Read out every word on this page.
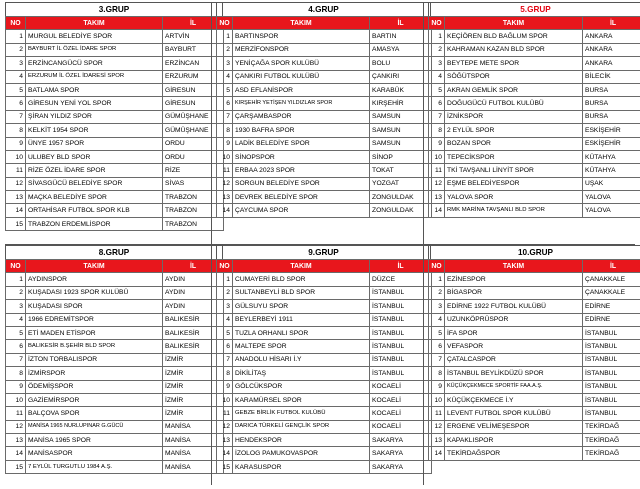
3.GRUP
NO	TAKIM	İL
1	MURGUL BELEDİYE SPOR	ARTVİN
2	BAYBURT İL ÖZEL İDARE SPOR	BAYBURT
3	ERZİNCANGÜCÜ SPOR	ERZİNCAN
4	ERZURUM İL ÖZEL İDARESİ SPOR	ERZURUM
5	BATLAMA SPOR	GİRESUN
6	GİRESUN YENİ YOL SPOR	GİRESUN
7	ŞİRAN YILDIZ SPOR	GÜMÜŞHANE
8	KELKİT 1954 SPOR	GÜMÜŞHANE
9	ÜNYE 1957 SPOR	ORDU
10	ULUBEY BLD SPOR	ORDU
11	RİZE ÖZEL İDARE SPOR	RİZE
12	SİVASGÜCÜ BELEDİYE SPOR	SİVAS
13	MAÇKA BELEDİYE SPOR	TRABZON
14	ORTAHİSAR FUTBOL SPOR KLB	TRABZON
15	TRABZON ERDEMLİSPOR	TRABZON
4.GRUP
NO	TAKIM	İL
1	BARTINSPOR	BARTIN
2	MERZİFONSPOR	AMASYA
3	YENİÇAĞA SPOR KULÜBÜ	BOLU
4	ÇANKIRI FUTBOL KULÜBÜ	ÇANKIRI
5	ASD EFLANİSPOR	KARABÜK
6	KIRŞEHİR YETİŞEN YILDIZLAR SPOR	KIRŞEHİR
7	ÇARŞAMBASPOR	SAMSUN
8	1930 BAFRA SPOR	SAMSUN
9	LADİK BELEDİYE SPOR	SAMSUN
10	SİNOPSPOR	SİNOP
11	ERBAA 2023 SPOR	TOKAT
12	SORGUN BELEDİYE SPOR	YOZGAT
13	DEVREK BELEDİYE SPOR	ZONGULDAK
14	ÇAYCUMA SPOR	ZONGULDAK
5.GRUP
NO	TAKIM	İL
1	KEÇİÖREN BLD BAĞLUM SPOR	ANKARA
2	KAHRAMAN KAZAN BLD SPOR	ANKARA
3	BEYTEPE METE SPOR	ANKARA
4	SÖĞÜTSPOR	BİLECİK
5	AKRAN GEMLİK SPOR	BURSA
6	DOĞUGÜCÜ FUTBOL KULÜBÜ	BURSA
7	İZNİKSPOR	BURSA
8	2 EYLÜL SPOR	ESKİŞEHİR
9	BOZAN SPOR	ESKİŞEHİR
10	TEPECİKSPOR	KÜTAHYA
11	TKİ TAVŞANLI LİNYİT SPOR	KÜTAHYA
12	EŞME BELEDİYESPOR	UŞAK
13	YALOVA SPOR	YALOVA
14	RMK MARİNA TAVŞANLI BLD SPOR	YALOVA
8.GRUP
NO	TAKIM	İL
1	AYDINSPOR	AYDIN
2	KUŞADASI 1923 SPOR KULÜBÜ	AYDIN
3	KUŞADASI SPOR	AYDIN
4	1966 EDREMİTSPOR	BALIKESİR
5	ETİ MADEN ETİSPOR	BALIKESİR
6	BALIKESİR B.ŞEHİR BLD SPOR	BALIKESİR
7	İZTON TORBALISPOR	İZMİR
8	İZMİRSPOR	İZMİR
9	ÖDEMİŞSPOR	İZMİR
10	GAZİEMİRSPOR	İZMİR
11	BALÇOVA SPOR	İZMİR
12	MANİSA 1965 NURLUPINAR G.GÜCÜ	MANİSA
13	MANİSA 1965 SPOR	MANİSA
14	MANİSASPOR	MANİSA
15	7 EYLÜL TURGUTLU 1984 A.Ş.	MANİSA
9.GRUP
NO	TAKIM	İL
1	CUMAYERİ BLD SPOR	DÜZCE
2	SULTANBEYLİ BLD SPOR	İSTANBUL
3	GÜLSUYU SPOR	İSTANBUL
4	BEYLERBEYİ 1911	İSTANBUL
5	TUZLA ORHANLI SPOR	İSTANBUL
6	MALTEPE SPOR	İSTANBUL
7	ANADOLU HİSARI İ.Y	İSTANBUL
8	DİKİLİTAŞ	İSTANBUL
9	GÖLCÜKSPOR	KOCAELİ
10	KARAMÜRSEL SPOR	KOCAELİ
11	GEBZE BİRLİK FUTBOL KULÜBÜ	KOCAELİ
12	DARICA TÜRKELİ GENÇLİK SPOR	KOCAELİ
13	HENDEKSPOR	SAKARYA
14	İZOLOG PAMUKOVASPOR	SAKARYA
15	KARASUSPOR	SAKARYA
10.GRUP
NO	TAKIM	İL
1	EZİNESPOR	ÇANAKKALE
2	BİGASPOR	ÇANAKKALE
3	EDİRNE 1922 FUTBOL KULÜBÜ	EDİRNE
4	UZUNKÖPRÜSPOR	EDİRNE
5	İFA SPOR	İSTANBUL
6	VEFASPOR	İSTANBUL
7	ÇATALCASPOR	İSTANBUL
8	İSTANBUL BEYLİKDÜZÜ SPOR	İSTANBUL
9	KÜÇÜKÇEKMECE SPORTİF FAA.A.Ş.	İSTANBUL
10	KÜÇÜKÇEKMECE İ.Y	İSTANBUL
11	LEVENT FUTBOL SPOR KULÜBÜ	İSTANBUL
12	ERGENE VELİMEŞESPOR	TEKİRDAĞ
13	KAPAKLISPOR	TEKİRDAĞ
14	TEKİRDAĞSPOR	TEKİRDAĞ
